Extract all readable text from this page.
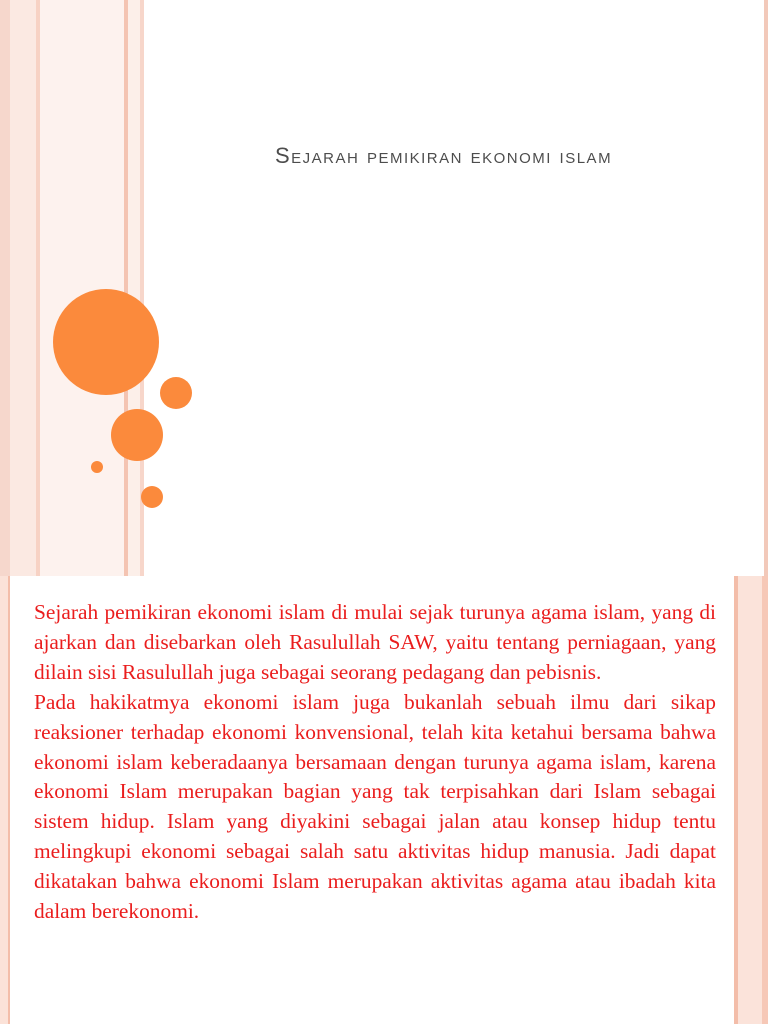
Sejarah pemikiran ekonomi islam

Sejarah pemikiran ekonomi islam di mulai sejak turunya agama islam, yang di ajarkan dan disebarkan oleh Rasulullah SAW, yaitu tentang perniagaan, yang dilain sisi Rasulullah juga sebagai seorang pedagang dan pebisnis.

Pada hakikatmya ekonomi islam juga bukanlah sebuah ilmu dari sikap reaksioner terhadap ekonomi konvensional, telah kita ketahui bersama bahwa ekonomi islam keberadaanya bersamaan dengan turunya agama islam, karena ekonomi Islam merupakan bagian yang tak terpisahkan dari Islam sebagai sistem hidup. Islam yang diyakini sebagai jalan atau konsep hidup tentu melingkupi ekonomi sebagai salah satu aktivitas hidup manusia. Jadi dapat dikatakan bahwa ekonomi Islam merupakan aktivitas agama atau ibadah kita dalam berekonomi.
